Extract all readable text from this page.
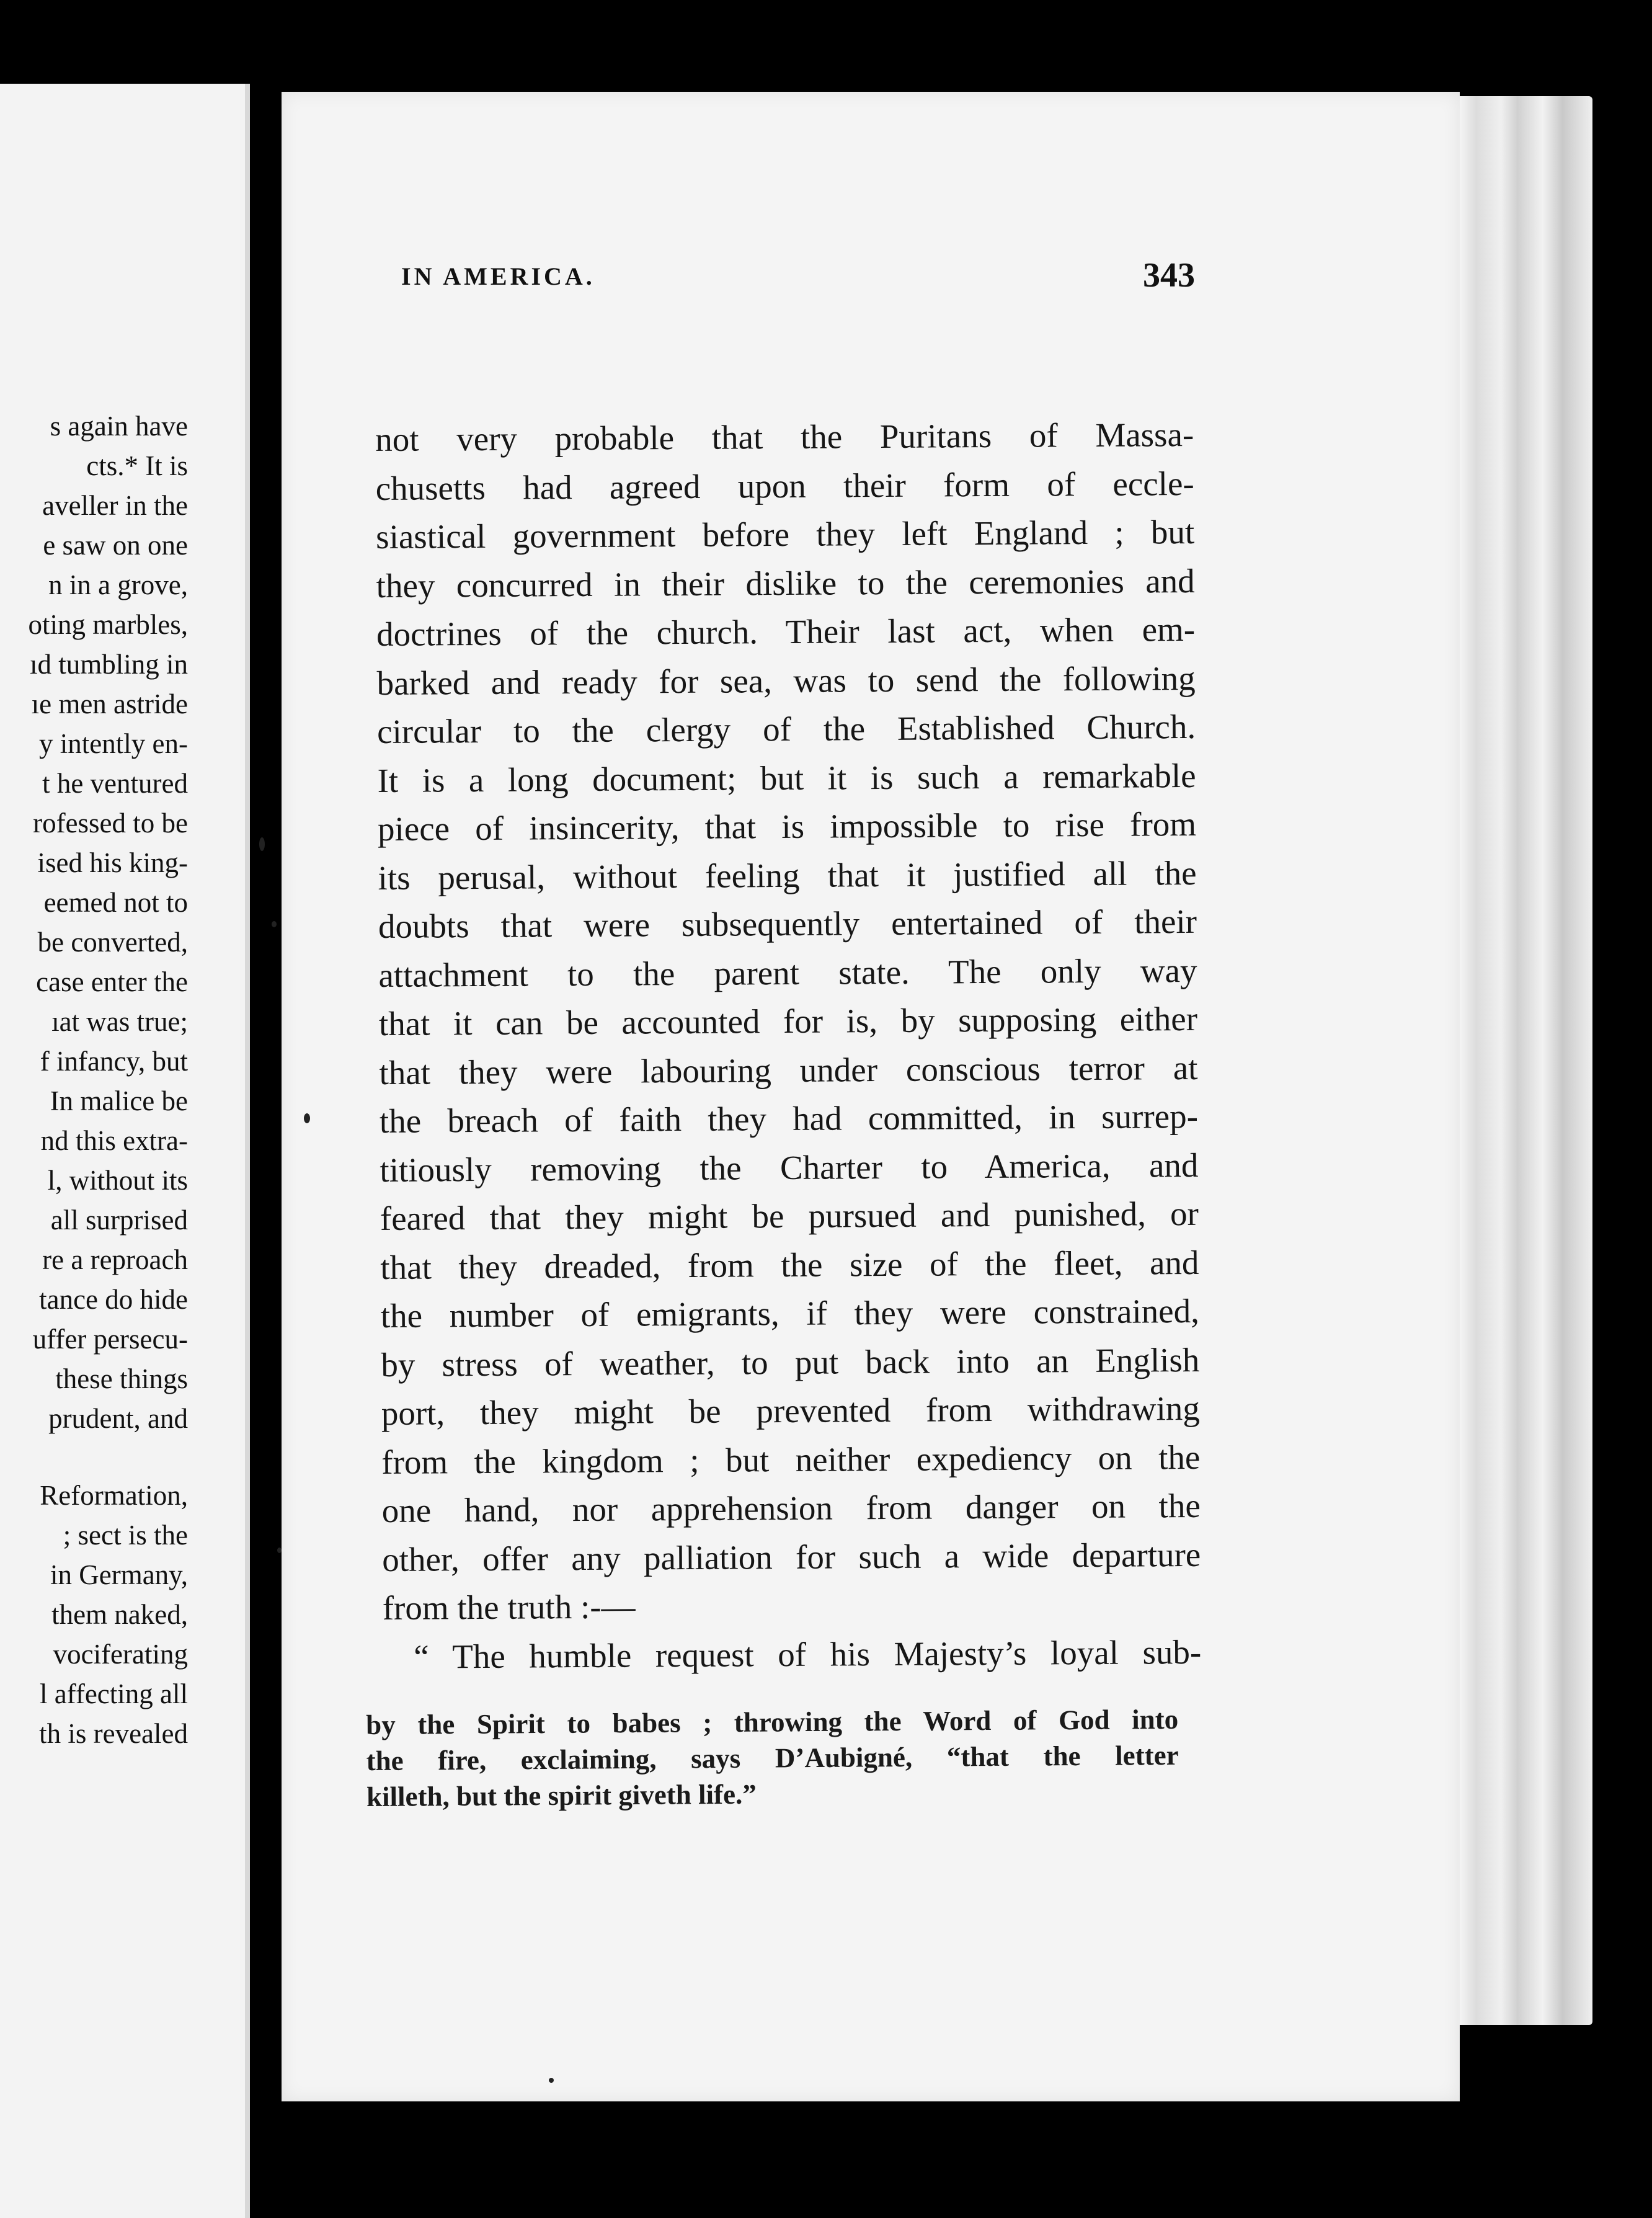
s again have
cts.* It is
aveller in the
e saw on one
n in a grove,
oting marbles,
ıd tumbling in
ıe men astride
y intently en-
t he ventured
rofessed to be
ised his king-
eemed not to
be converted,
case enter the
ıat was true;
f infancy, but
In malice be
nd this extra-
l, without its
all surprised
re a reproach
tance do hide
uffer persecu-
these things
prudent, and
Reformation,
; sect is the
in Germany,
them naked,
vociferating
l affecting all
th is revealed
IN AMERICA.	343
not very probable that the Puritans of Massa-
chusetts had agreed upon their form of eccle-
siastical government before they left England ; but
they concurred in their dislike to the ceremonies and
doctrines of the church. Their last act, when em-
barked and ready for sea, was to send the following
circular to the clergy of the Established Church.
It is a long document; but it is such a remarkable
piece of insincerity, that is impossible to rise from
its perusal, without feeling that it justified all the
doubts that were subsequently entertained of their
attachment to the parent state. The only way
that it can be accounted for is, by supposing either
that they were labouring under conscious terror at
the breach of faith they had committed, in surrep-
titiously removing the Charter to America, and
feared that they might be pursued and punished, or
that they dreaded, from the size of the fleet, and
the number of emigrants, if they were constrained,
by stress of weather, to put back into an English
port, they might be prevented from withdrawing
from the kingdom ; but neither expediency on the
one hand, nor apprehension from danger on the
other, offer any palliation for such a wide departure
from the truth :-—
“ The humble request of his Majesty’s loyal sub-
by the Spirit to babes ; throwing the Word of God into
the fire, exclaiming, says D’Aubigné, “that the letter
killeth, but the spirit giveth life.”
